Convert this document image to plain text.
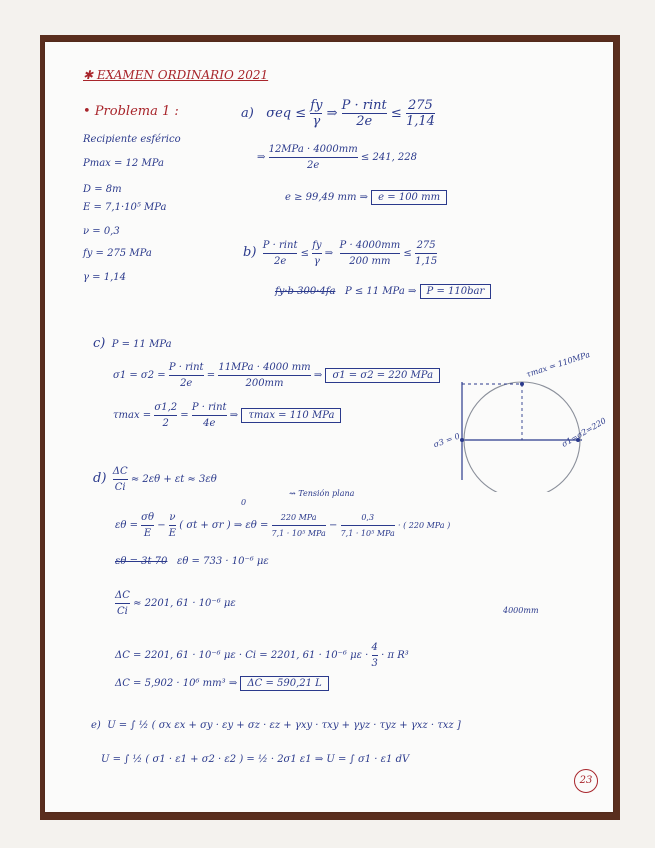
✱ EXAMEN ORDINARIO 2021
• Problema 1 :
Recipiente esférico
Pmax = 12 MPa
D = 8m
E = 7,1·10⁵ MPa
ν = 0,3
fy = 275 MPa
γ = 1,14
a) $\sigma eq \le \frac{fy}{\gamma}$ ⇒ $\frac{\text{P · rint}}{2e} \le \frac{275}{1,14}$
⇒ $\frac{\text{12MPa · 4000mm}}{2e} \le 241$, 228
e ≥ 99,49 mm ⇒ e = 100 mm
$b) \frac{\text{P · rint}}{2e} \le \frac{fy}{\gamma}$ ⇒ $\frac{P \cdot 4000mm}{200 mm} \le \frac{275}{1,15}$
fy·b 300·4fa P ≤ 11 MPa ⇒ P = 110bar
c) P = 11 MPa
$\sigma 1 = \sigma 2 = \frac{\text{P · rint}}{2e} = \frac{\text{11MPa · 4000 mm}}{200mm}$ ⇒ σ1 = σ2 = 220 MPa
$\tau\max = \frac{\sigma 1,2}{2} = \frac{\text{P · rint}}{4e}$ ⇒ τmax = 110 MPa
τmax = 110MPa
σ3 = 0	σ1=σ2=220
$d) \frac{\Delta C}{Ci} \approx 2\varepsilon\theta + \varepsilon t \approx 3\varepsilon\theta$
⇝ Tensión plana
0
$\varepsilon\theta = \frac{\sigma\theta}{E} - \frac{\nu}{E}$ ( σt + σr ) ⇒ $\varepsilon\theta = \frac{\text{220 MPa}}{\text{7,1 · 10⁵ MPa}} - \frac{0,3}{\text{7,1 · 10⁵ MPa}}$ · ( 220 MPa )
εθ = 3t 70 εθ = 733 · 10⁻⁶ με
$\frac{\Delta C}{Ci} \approx 2201$, 61 · 10⁻⁶ με
4000mm
ΔC = 2201, 61 · 10⁻⁶ με · Ci = 2201, 61 · 10⁻⁶ $\mu\varepsilon \cdot \frac{4}{3} \cdot \pi$ R³
ΔC = 5,902 · 10⁶ mm³ ⇒ ΔC = 590,21 L
e) U = ∫ ½ ( σx εx + σy · εy + σz · εz + γxy · τxy + γyz · τyz + γxz · τxz ]
U = ∫ ½ ( σ1 · ε1 + σ2 · ε2 ) = ½ · 2σ1 ε1 ⇒ U = ∫ σ1 · ε1 dV
23
